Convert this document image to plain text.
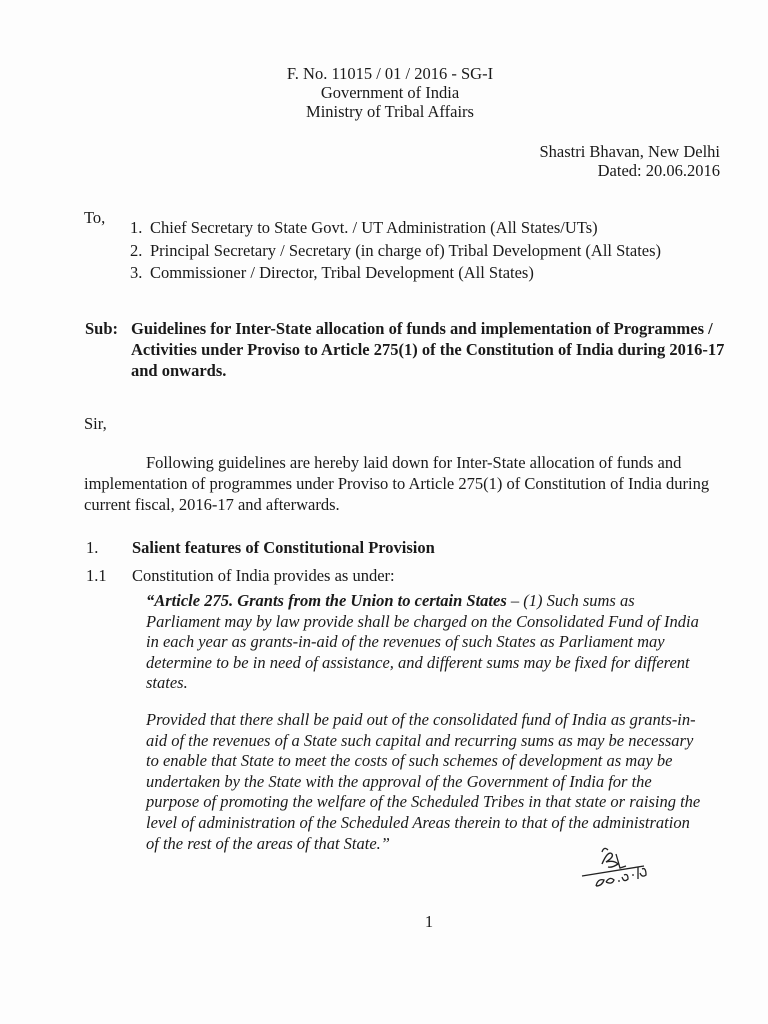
F. No. 11015 / 01 / 2016 - SG-I
Government of India
Ministry of Tribal Affairs
Shastri Bhavan, New Delhi
Dated: 20.06.2016
To,
1. Chief Secretary to State Govt. / UT Administration (All States/UTs)
2. Principal Secretary / Secretary (in charge of) Tribal Development (All States)
3. Commissioner / Director, Tribal Development (All States)
Sub: Guidelines for Inter-State allocation of funds and implementation of Programmes / Activities under Proviso to Article 275(1) of the Constitution of India during 2016-17 and onwards.
Sir,
Following guidelines are hereby laid down for Inter-State allocation of funds and implementation of programmes under Proviso to Article 275(1) of Constitution of India during current fiscal, 2016-17 and afterwards.
1. Salient features of Constitutional Provision
1.1 Constitution of India provides as under:
“Article 275. Grants from the Union to certain States – (1) Such sums as Parliament may by law provide shall be charged on the Consolidated Fund of India in each year as grants-in-aid of the revenues of such States as Parliament may determine to be in need of assistance, and different sums may be fixed for different states.
Provided that there shall be paid out of the consolidated fund of India as grants-in-aid of the revenues of a State such capital and recurring sums as may be necessary to enable that State to meet the costs of such schemes of development as may be undertaken by the State with the approval of the Government of India for the purpose of promoting the welfare of the Scheduled Tribes in that state or raising the level of administration of the Scheduled Areas therein to that of the administration of the rest of the areas of that State.”
1
